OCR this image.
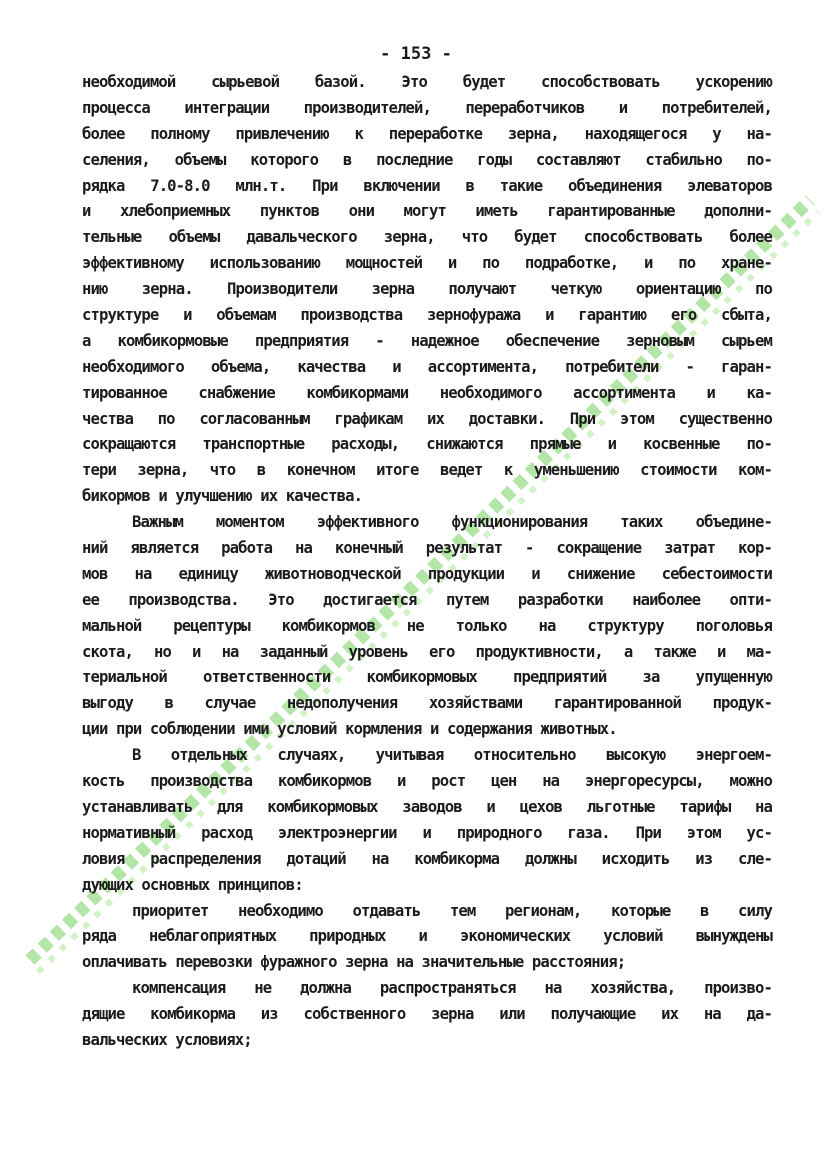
- 153 -
необходимой сырьевой базой. Это будет способствовать ускорению
процесса интеграции производителей, переработчиков и потребителей,
более полному привлечению к переработке зерна, находящегося у на-
селения, объемы которого в последние годы составляют стабильно по-
рядка 7.0-8.0 млн.т. При включении в такие объединения элеваторов
и хлебоприемных пунктов они могут иметь гарантированные дополни-
тельные объемы давальческого зерна, что будет способствовать более
эффективному использованию мощностей и по подработке, и по хране-
нию зерна. Производители зерна получают четкую ориентацию по
структуре и объемам производства зернофуража и гарантию его сбыта,
а комбикормовые предприятия - надежное обеспечение зерновым сырьем
необходимого объема, качества и ассортимента, потребители - гаран-
тированное снабжение комбикормами необходимого ассортимента и ка-
чества по согласованным графикам их доставки. При этом существенно
сокращаются транспортные расходы, снижаются прямые и косвенные по-
тери зерна, что в конечном итоге ведет к уменьшению стоимости ком-
бикормов и улучшению их качества.
Важным моментом эффективного функционирования таких объедине-
ний является работа на конечный результат - сокращение затрат кор-
мов на единицу животноводческой продукции и снижение себестоимости
ее производства. Это достигается путем разработки наиболее опти-
мальной рецептуры комбикормов не только на структуру поголовья
скота, но и на заданный уровень его продуктивности, а также и ма-
териальной ответственности комбикормовых предприятий за упущенную
выгоду в случае недополучения хозяйствами гарантированной продук-
ции при соблюдении ими условий кормления и содержания животных.
В отдельных случаях, учитывая относительно высокую энергоем-
кость производства комбикормов и рост цен на энергоресурсы, можно
устанавливать для комбикормовых заводов и цехов льготные тарифы на
нормативный расход электроэнергии и природного газа. При этом ус-
ловия распределения дотаций на комбикорма должны исходить из сле-
дующих основных принципов:
приоритет необходимо отдавать тем регионам, которые в силу
ряда неблагоприятных природных и экономических условий вынуждены
оплачивать перевозки фуражного зерна на значительные расстояния;
компенсация не должна распространяться на хозяйства, произво-
дящие комбикорма из собственного зерна или получающие их на да-
вальческих условиях;
